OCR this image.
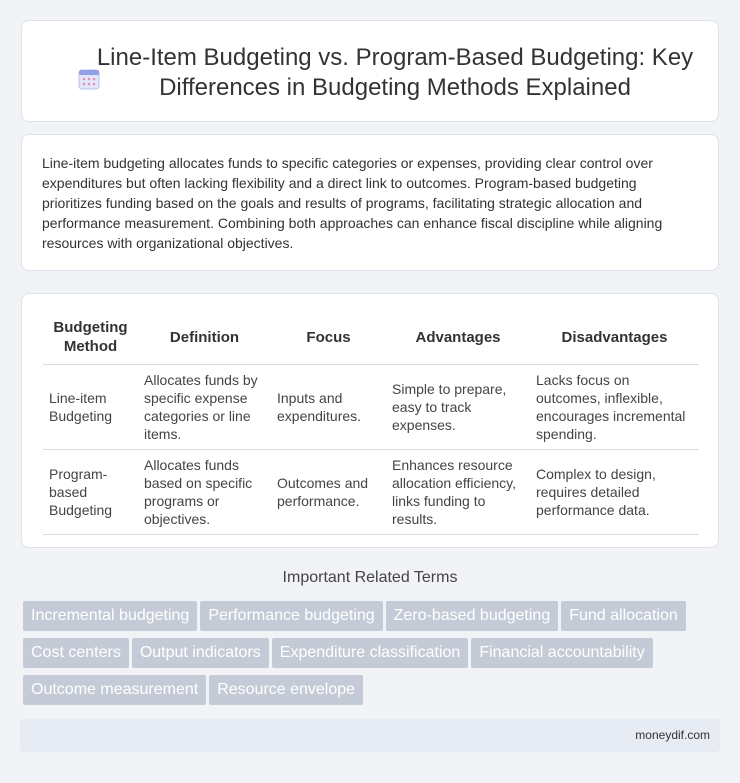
Line-Item Budgeting vs. Program-Based Budgeting: Key Differences in Budgeting Methods Explained

Line-item budgeting allocates funds to specific categories or expenses, providing clear control over expenditures but often lacking flexibility and a direct link to outcomes. Program-based budgeting prioritizes funding based on the goals and results of programs, facilitating strategic allocation and performance measurement. Combining both approaches can enhance fiscal discipline while aligning resources with organizational objectives.

Budgeting Method	Definition	Focus	Advantages	Disadvantages
Line-item Budgeting	Allocates funds by specific expense categories or line items.	Inputs and expenditures.	Simple to prepare, easy to track expenses.	Lacks focus on outcomes, inflexible, encourages incremental spending.
Program-based Budgeting	Allocates funds based on specific programs or objectives.	Outcomes and performance.	Enhances resource allocation efficiency, links funding to results.	Complex to design, requires detailed performance data.
Important Related Terms
Incremental budgeting Performance budgeting Zero-based budgeting Fund allocation
Cost centers Output indicators Expenditure classification Financial accountability
Outcome measurement Resource envelope
moneydif.com
